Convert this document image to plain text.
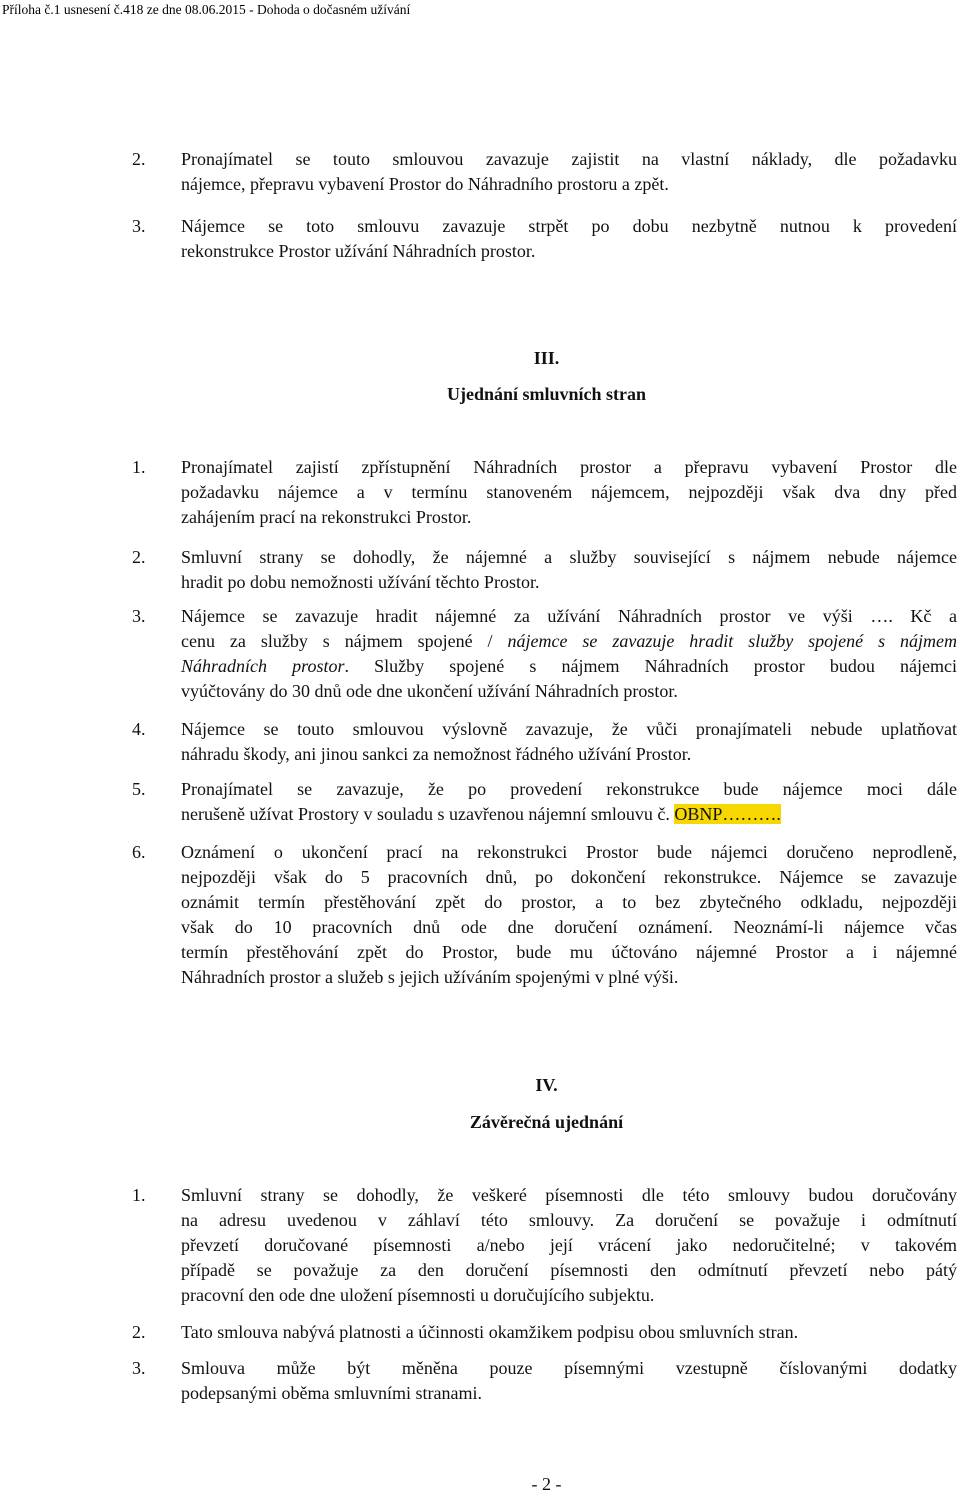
Příloha č.1 usnesení č.418 ze dne 08.06.2015 - Dohoda o dočasném užívání
2.	Pronajímatel se touto smlouvou zavazuje zajistit na vlastní náklady, dle požadavku
nájemce, přepravu vybavení Prostor do Náhradního prostoru a zpět.
3.	Nájemce se toto smlouvu zavazuje strpět po dobu nezbytně nutnou k provedení
rekonstrukce Prostor užívání Náhradních prostor.
III.
Ujednání smluvních stran
1.	Pronajímatel zajistí zpřístupnění Náhradních prostor a přepravu vybavení Prostor dle
požadavku nájemce a v termínu stanoveném nájemcem, nejpozději však dva dny před
zahájením prací na rekonstrukci Prostor.
2.	Smluvní strany se dohodly, že nájemné a služby související s nájmem nebude nájemce
hradit po dobu nemožnosti užívání těchto Prostor.
3.	Nájemce se zavazuje hradit nájemné za užívání Náhradních prostor ve výši …. Kč a
cenu za služby s nájmem spojené / nájemce se zavazuje hradit služby spojené s nájmem
Náhradních prostor. Služby spojené s nájmem Náhradních prostor budou nájemci
vyúčtovány do 30 dnů ode dne ukončení užívání Náhradních prostor.
4.	Nájemce se touto smlouvou výslovně zavazuje, že vůči pronajímateli nebude uplatňovat
náhradu škody, ani jinou sankci za nemožnost řádného užívání Prostor.
5.	Pronajímatel se zavazuje, že po provedení rekonstrukce bude nájemce moci dále
nerušeně užívat Prostory v souladu s uzavřenou nájemní smlouvu č. OBNP……….
6.	Oznámení o ukončení prací na rekonstrukci Prostor bude nájemci doručeno neprodleně,
nejpozději však do 5 pracovních dnů, po dokončení rekonstrukce. Nájemce se zavazuje
oznámit termín přestěhování zpět do prostor, a to bez zbytečného odkladu, nejpozději
však do 10 pracovních dnů ode dne doručení oznámení. Neoznámí-li nájemce včas
termín přestěhování zpět do Prostor, bude mu účtováno nájemné Prostor a i nájemné
Náhradních prostor a služeb s jejich užíváním spojenými v plné výši.
IV.
Závěrečná ujednání
1.	Smluvní strany se dohodly, že veškeré písemnosti dle této smlouvy budou doručovány
na adresu uvedenou v záhlaví této smlouvy. Za doručení se považuje i odmítnutí
převzetí doručované písemnosti a/nebo její vrácení jako nedoručitelné; v takovém
případě se považuje za den doručení písemnosti den odmítnutí převzetí nebo pátý
pracovní den ode dne uložení písemnosti u doručujícího subjektu.
2.	Tato smlouva nabývá platnosti a účinnosti okamžikem podpisu obou smluvních stran.
3.	Smlouva může být měněna pouze písemnými vzestupně číslovanými dodatky
podepsanými oběma smluvními stranami.
- 2 -
